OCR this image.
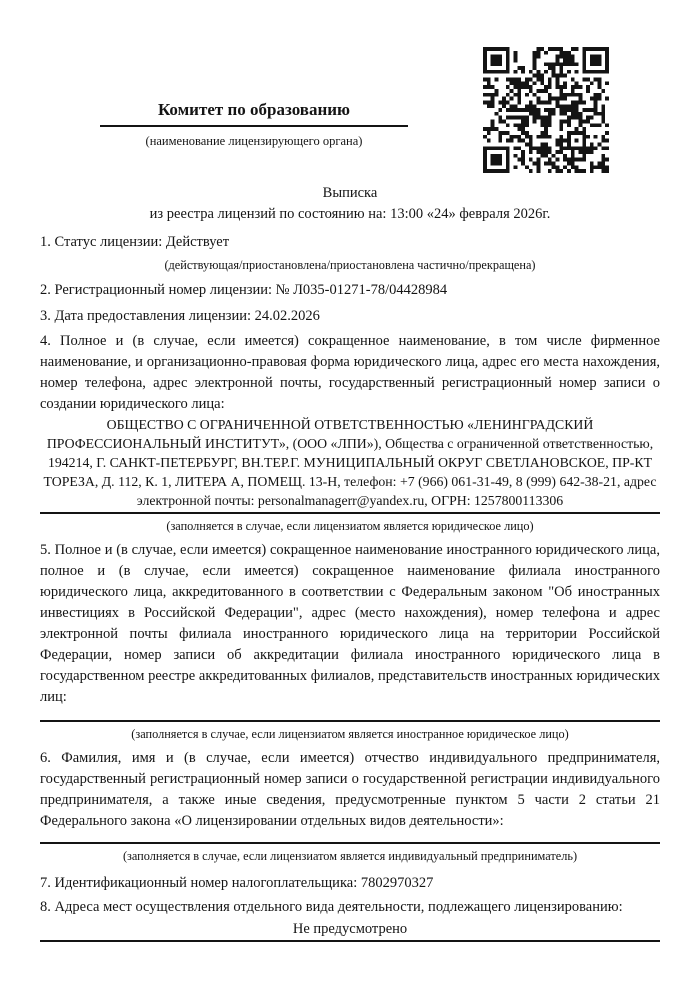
Комитет по образованию
(наименование лицензирующего органа)
Выписка
из реестра лицензий по состоянию на: 13:00 «24» февраля 2026г.
1. Статус лицензии: Действует
(действующая/приостановлена/приостановлена частично/прекращена)
2. Регистрационный номер лицензии: № Л035-01271-78/04428984
3. Дата предоставления лицензии: 24.02.2026
4. Полное и (в случае, если имеется) сокращенное наименование, в том числе фирменное наименование, и организационно-правовая форма юридического лица, адрес его места нахождения, номер телефона, адрес электронной почты, государственный регистрационный номер записи о создании юридического лица:
ОБЩЕСТВО С ОГРАНИЧЕННОЙ ОТВЕТСТВЕННОСТЬЮ «ЛЕНИНГРАДСКИЙ ПРОФЕССИОНАЛЬНЫЙ ИНСТИТУТ», (ООО «ЛПИ»), Общества с ограниченной ответственностью, 194214, Г. САНКТ-ПЕТЕРБУРГ, ВН.ТЕР.Г. МУНИЦИПАЛЬНЫЙ ОКРУГ СВЕТЛАНОВСКОЕ, ПР-КТ ТОРЕЗА, Д. 112, К. 1, ЛИТЕРА А, ПОМЕЩ. 13-Н, телефон: +7 (966) 061-31-49, 8 (999) 642-38-21, адрес электронной почты: personalmanagerr@yandex.ru, ОГРН: 1257800113306
(заполняется в случае, если лицензиатом является юридическое лицо)
5. Полное и (в случае, если имеется) сокращенное наименование иностранного юридического лица, полное и (в случае, если имеется) сокращенное наименование филиала иностранного юридического лица, аккредитованного в соответствии с Федеральным законом "Об иностранных инвестициях в Российской Федерации", адрес (место нахождения), номер телефона и адрес электронной почты филиала иностранного юридического лица на территории Российской Федерации, номер записи об аккредитации филиала иностранного юридического лица в государственном реестре аккредитованных филиалов, представительств иностранных юридических лиц:
(заполняется в случае, если лицензиатом является иностранное юридическое лицо)
6. Фамилия, имя и (в случае, если имеется) отчество индивидуального предпринимателя, государственный регистрационный номер записи о государственной регистрации индивидуального предпринимателя, а также иные сведения, предусмотренные пунктом 5 части 2 статьи 21 Федерального закона «О лицензировании отдельных видов деятельности»:
(заполняется в случае, если лицензиатом является индивидуальный предприниматель)
7. Идентификационный номер налогоплательщика: 7802970327
8. Адреса мест осуществления отдельного вида деятельности, подлежащего лицензированию:
Не предусмотрено
